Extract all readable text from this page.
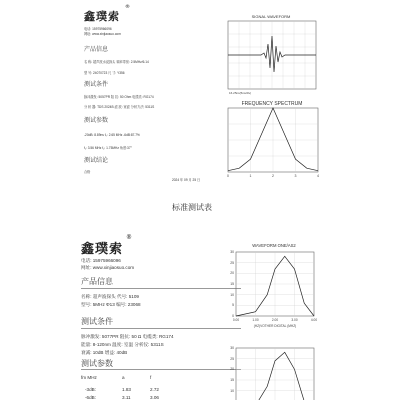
鑫璞索
®
电话: 15975966096
网址: www.xinjiaosuo.com
产品信息
名 称: 超声波水浸探头 频率带宽: 2.5MHz/6.14
型 号: 24070723 尺 寸: Y356
测试条件
脉冲激发: 5057PR 阻 抗: 50 Ohm 电缆类: RG174
分 析 器: TDS 2024B 滤 波: 宽滤 分析方法: 5311S
测试参数
-20dB: 8.89ns f₀: 2.65 MHz -6dB:87.7%
f₁: 3.56 MHz f₂: 1.75MHz 角度:37°
测试结论
合格
2024 年 09 月 25 日
SIGNAL WAVEFORM
16.25ns(5ns/div)
FREQUENCY SPECTRUM
0	1	2	3	4
标准测试表
鑫璞索
®
电话: 15975966096
网址: www.xinjiaosuo.com
产品信息
名称: 超声波探头 代号: 5109
型号: 5MHz Φ13 编号: 23068
测试条件
脉冲激发: 5077PR 阻抗: 50 Ω 电缆类: RG174
能量: 8-120nm 温度: 室温 分析仪: 5311S
衰减: 10dB 增益: 40dB
测试参数
fm MHz	a	f
-3dB:	1.83	2.72
-6dB:	3.11	3.06
WAVEFORM ONE/AS2
30
25
20
15
10
5
0
0.00	1.00	2.00	3.00	4.00
(HZ)VOTHER DIGITAL (MHZ)
30
25
20
15
10
